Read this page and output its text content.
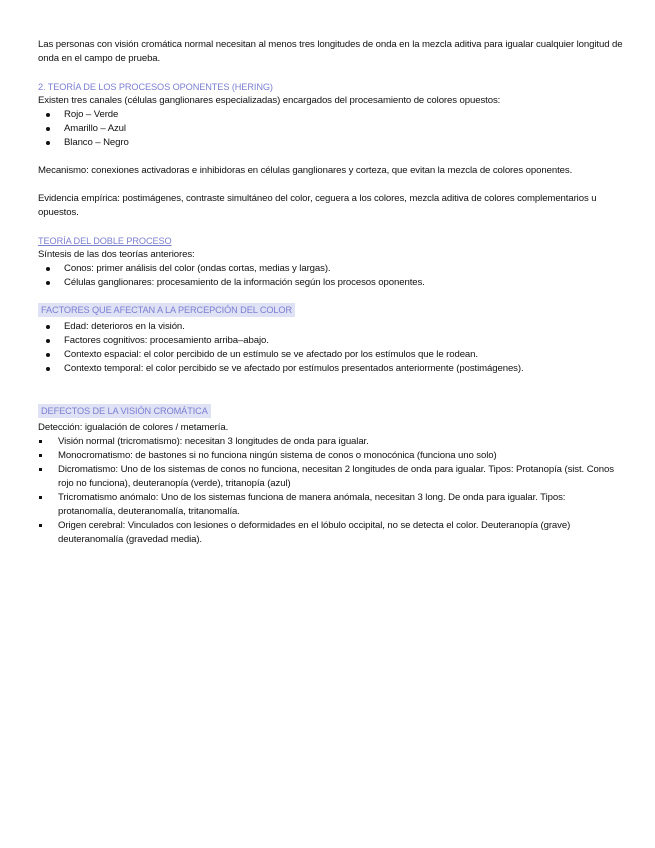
Las personas con visión cromática normal necesitan al menos tres longitudes de onda en la mezcla aditiva para igualar cualquier longitud de onda en el campo de prueba.

2. TEORÍA DE LOS PROCESOS OPONENTES (HERING)

Existen tres canales (células ganglionares especializadas) encargados del procesamiento de colores opuestos:

Rojo – Verde
Amarillo – Azul
Blanco – Negro

Mecanismo: conexiones activadoras e inhibidoras en células ganglionares y corteza, que evitan la mezcla de colores oponentes.

Evidencia empírica: postimágenes, contraste simultáneo del color, ceguera a los colores, mezcla aditiva de colores complementarios u opuestos.

TEORÍA DEL DOBLE PROCESO

Síntesis de las dos teorías anteriores:

Conos: primer análisis del color (ondas cortas, medias y largas).
Células ganglionares: procesamiento de la información según los procesos oponentes.

FACTORES QUE AFECTAN A LA PERCEPCIÓN DEL COLOR

Edad: deterioros en la visión.
Factores cognitivos: procesamiento arriba–abajo.
Contexto espacial: el color percibido de un estímulo se ve afectado por los estímulos que le rodean.
Contexto temporal: el color percibido se ve afectado por estímulos presentados anteriormente (postimágenes).

DEFECTOS DE LA VISIÓN CROMÁTICA

Detección: igualación de colores / metamería.

Visión normal (tricromatismo): necesitan 3 longitudes de onda para igualar.
Monocromatismo: de bastones si no funciona ningún sistema de conos o monocónica (funciona uno solo)
Dicromatismo: Uno de los sistemas de conos no funciona, necesitan 2 longitudes de onda para igualar. Tipos: Protanopía (sist. Conos rojo no funciona), deuteranopía (verde), tritanopía (azul)
Tricromatismo anómalo: Uno de los sistemas funciona de manera anómala, necesitan 3 long. De onda para igualar. Tipos: protanomalía, deuteranomalía, tritanomalía.
Origen cerebral: Vinculados con lesiones o deformidades en el lóbulo occipital, no se detecta el color. Deuteranopía (grave) deuteranomalía (gravedad media).
